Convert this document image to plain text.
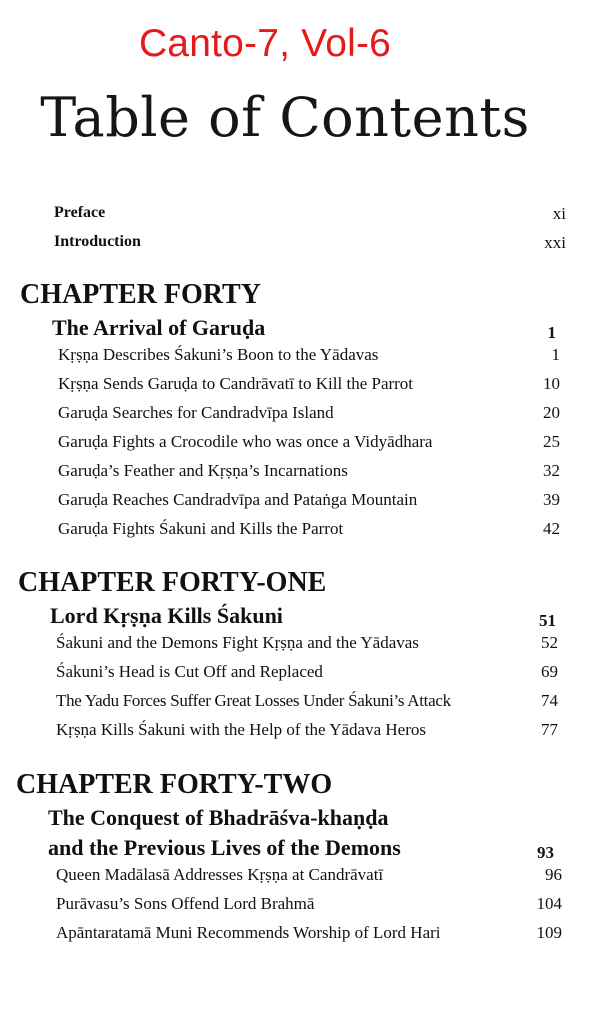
Canto-7, Vol-6
Table of Contents
Preface	xi
Introduction	xxi
CHAPTER FORTY
The Arrival of Garuḍa	1
Kṛṣṇa Describes Śakuni’s Boon to the Yādavas	1
Kṛṣṇa Sends Garuḍa to Candrāvatī to Kill the Parrot	10
Garuḍa Searches for Candradvīpa Island	20
Garuḍa Fights a Crocodile who was once a Vidyādhara	25
Garuḍa’s Feather and Kṛṣṇa’s Incarnations	32
Garuḍa Reaches Candradvīpa and Pataṅga Mountain	39
Garuḍa Fights Śakuni and Kills the Parrot	42
CHAPTER FORTY-ONE
Lord Kṛṣṇa Kills Śakuni	51
Śakuni and the Demons Fight Kṛṣṇa and the Yādavas	52
Śakuni’s Head is Cut Off and Replaced	69
The Yadu Forces Suffer Great Losses Under Śakuni’s Attack	74
Kṛṣṇa Kills Śakuni with the Help of the Yādava Heros	77
CHAPTER FORTY-TWO
The Conquest of Bhadrāśva-khaṇḍa
and the Previous Lives of the Demons	93
Queen Madālasā Addresses Kṛṣṇa at Candrāvatī	96
Purāvasu’s Sons Offend Lord Brahmā	104
Apāntaratamā Muni Recommends Worship of Lord Hari	109
